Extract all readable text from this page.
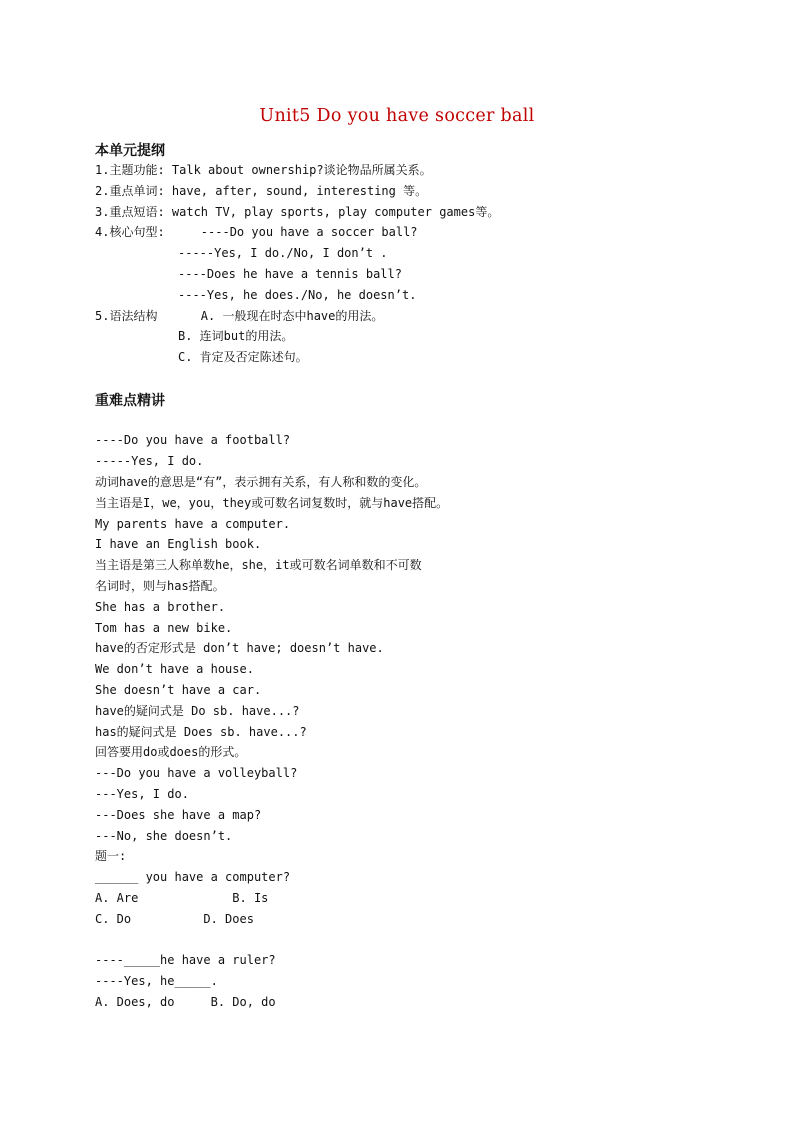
Unit5 Do you have soccer ball
本单元提纲
1.主题功能: Talk about ownership?谈论物品所属关系。
2.重点单词: have, after, sound, interesting 等。
3.重点短语: watch TV, play sports, play computer games等。
4.核心句型:     ----Do you have a soccer ball?
-----Yes, I do./No, I don’t .
----Does he have a tennis ball?
----Yes, he does./No, he doesn’t.
5.语法结构      A. 一般现在时态中have的用法。
B. 连词but的用法。
C. 肯定及否定陈述句。
重难点精讲
----Do you have a football?
-----Yes, I do.
动词have的意思是“有”，表示拥有关系，有人称和数的变化。
当主语是I，we，you，they或可数名词复数时，就与have搭配。
My parents have a computer.
I have an English book.
当主语是第三人称单数he，she，it或可数名词单数和不可数
名词时，则与has搭配。
She has a brother.
Tom has a new bike.
have的否定形式是 don’t have; doesn’t have.
We don’t have a house.
She doesn’t have a car.
have的疑问式是 Do sb. have...?
has的疑问式是 Does sb. have...?
回答要用do或does的形式。
---Do you have a volleyball?
---Yes, I do.
---Does she have a map?
---No, she doesn’t.
题一:
______ you have a computer?
A. Are             B. Is
C. Do          D. Does
----_____he have a ruler?
----Yes, he_____.
A. Does, do     B. Do, do
